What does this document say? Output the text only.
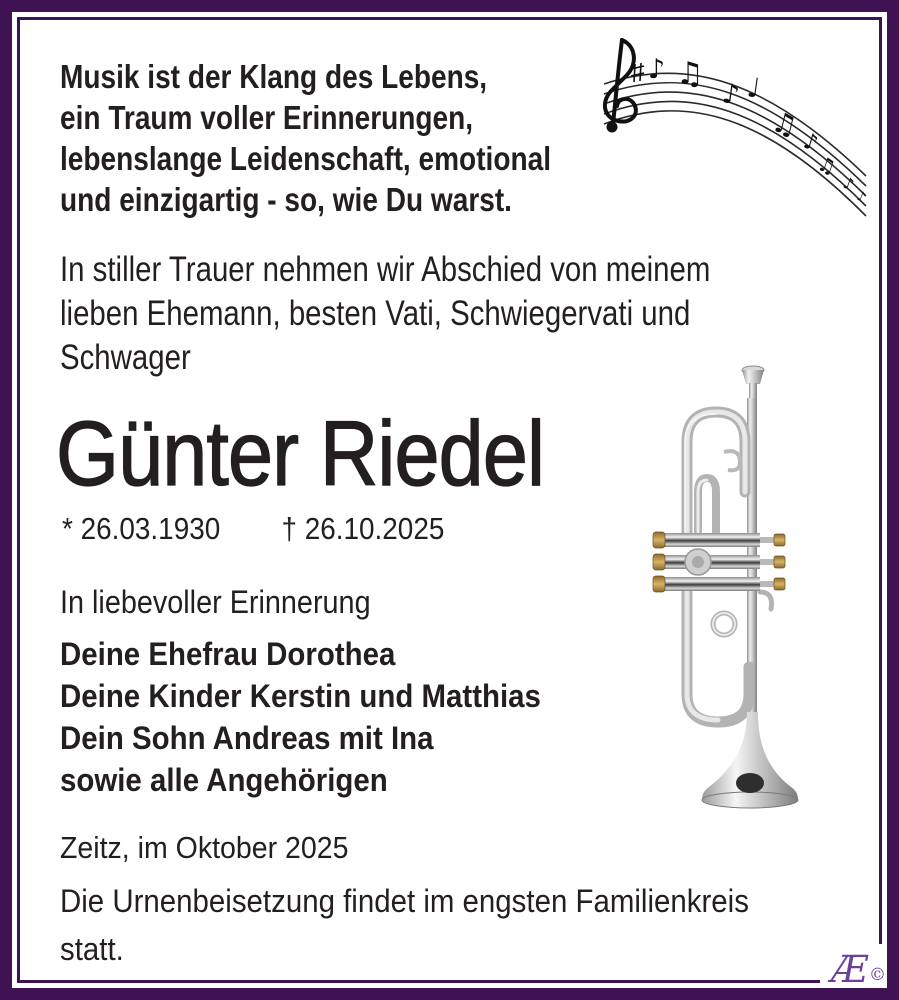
Musik ist der Klang des Lebens,
ein Traum voller Erinnerungen,
lebenslange Leidenschaft, emotional
und einzigartig - so, wie Du warst.
♪ ♫
♪ ♩
♫ ♪
♫
♪
♪
In stiller Trauer nehmen wir Abschied von meinem
lieben Ehemann, besten Vati, Schwiegervati und
Schwager
Günter Riedel
* 26.03.1930 † 26.10.2025
In liebevoller Erinnerung
Deine Ehefrau Dorothea
Deine Kinder Kerstin und Matthias
Dein Sohn Andreas mit Ina
sowie alle Angehörigen
Zeitz, im Oktober 2025
Die Urnenbeisetzung findet im engsten Familienkreis
statt.	Æ ©
